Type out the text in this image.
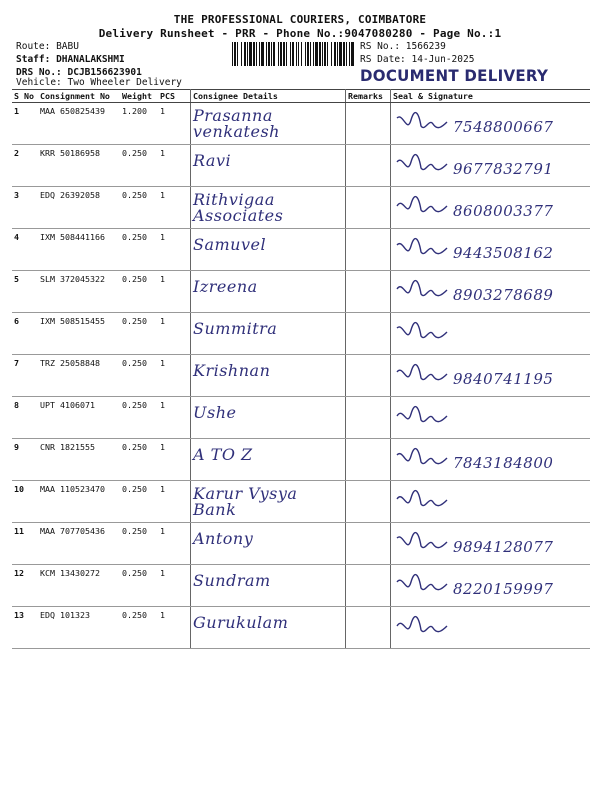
THE PROFESSIONAL COURIERS, COIMBATORE
Delivery Runsheet - PRR - Phone No.:9047080280 - Page No.:1
Route: BABU
Staff: DHANALAKSHMI
DRS No.: DCJB156623901
Vehicle: Two Wheeler Delivery
RS No.: 1566239
RS Date: 14-Jun-2025
DOCUMENT DELIVERY
S No	Consignment No	Weight	PCS	Consignee Details	Remarks	Seal & Signature
1	MAA 650825439	1.200	1	Prasanna venkatesh		7548800667

2	KRR 50186958	0.250	1	Ravi		9677832791

3	EDQ 26392058	0.250	1	Rithvigaa Associates		8608003377

4	IXM 508441166	0.250	1	Samuvel		9443508162

5	SLM 372045322	0.250	1	Izreena		8903278689

6	IXM 508515455	0.250	1	Summitra

7	TRZ 25058848	0.250	1	Krishnan		9840741195

8	UPT 4106071	0.250	1	Ushe

9	CNR 1821555	0.250	1	A TO Z		7843184800

10	MAA 110523470	0.250	1	Karur Vysya Bank

11	MAA 707705436	0.250	1	Antony		9894128077

12	KCM 13430272	0.250	1	Sundram		8220159997

13	EDQ 101323	0.250	1	Gurukulam
